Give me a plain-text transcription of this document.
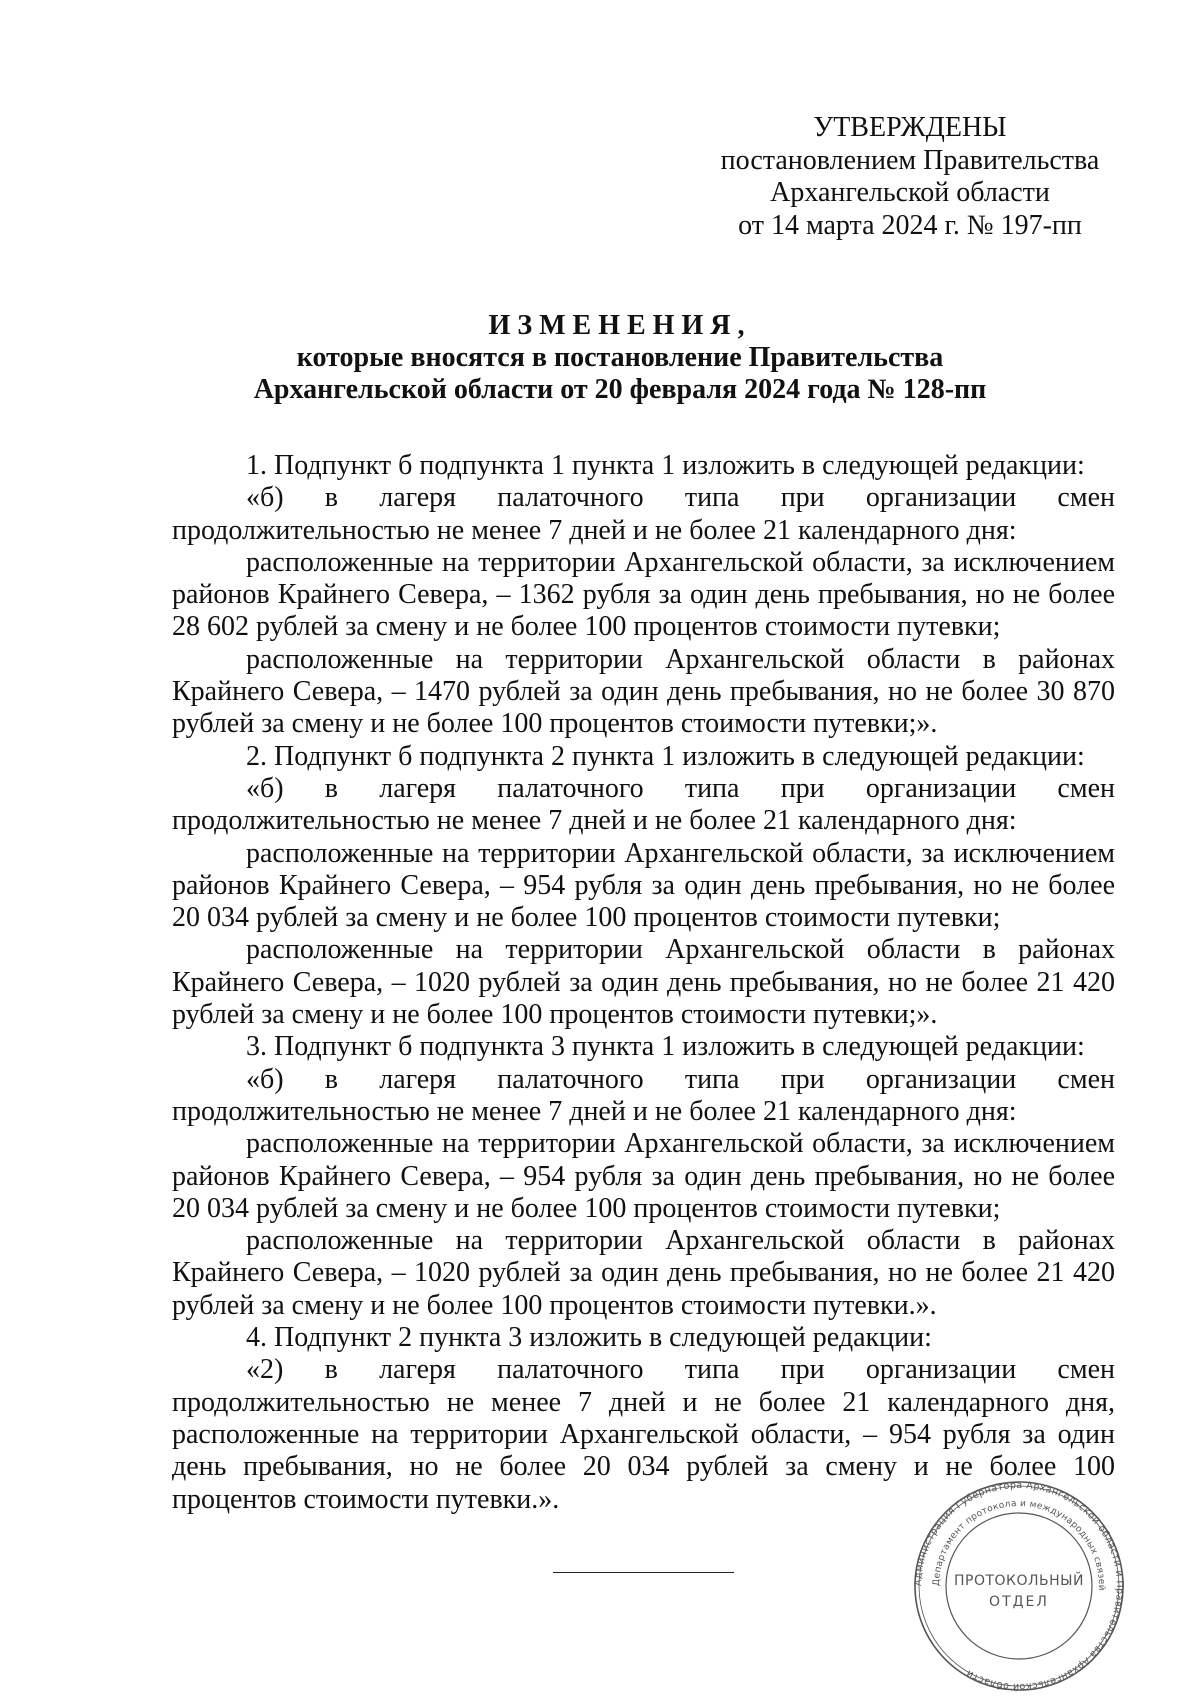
УТВЕРЖДЕНЫ
постановлением Правительства
Архангельской области
от 14 марта 2024 г. № 197-пп
ИЗМЕНЕНИЯ,
которые вносятся в постановление Правительства
Архангельской области от 20 февраля 2024 года № 128-пп

1. Подпункт б подпункта 1 пункта 1 изложить в следующей редакции:

«б) в лагеря палаточного типа при организации смен продолжительностью не менее 7 дней и не более 21 календарного дня:

расположенные на территории Архангельской области, за исключением районов Крайнего Севера, – 1362 рубля за один день пребывания, но не более 28 602 рублей за смену и не более 100 процентов стоимости путевки;

расположенные на территории Архангельской области в районах Крайнего Севера, – 1470 рублей за один день пребывания, но не более 30 870 рублей за смену и не более 100 процентов стоимости путевки;».

2. Подпункт б подпункта 2 пункта 1 изложить в следующей редакции:

«б) в лагеря палаточного типа при организации смен продолжительностью не менее 7 дней и не более 21 календарного дня:

расположенные на территории Архангельской области, за исключением районов Крайнего Севера, – 954 рубля за один день пребывания, но не более 20 034 рублей за смену и не более 100 процентов стоимости путевки;

расположенные на территории Архангельской области в районах Крайнего Севера, – 1020 рублей за один день пребывания, но не более 21 420 рублей за смену и не более 100 процентов стоимости путевки;».

3. Подпункт б подпункта 3 пункта 1 изложить в следующей редакции:

«б) в лагеря палаточного типа при организации смен продолжительностью не менее 7 дней и не более 21 календарного дня:

расположенные на территории Архангельской области, за исключением районов Крайнего Севера, – 954 рубля за один день пребывания, но не более 20 034 рублей за смену и не более 100 процентов стоимости путевки;

расположенные на территории Архангельской области в районах Крайнего Севера, – 1020 рублей за один день пребывания, но не более 21 420 рублей за смену и не более 100 процентов стоимости путевки.».

4. Подпункт 2 пункта 3 изложить в следующей редакции:

«2) в лагеря палаточного типа при организации смен продолжительностью не менее 7 дней и не более 21 календарного дня, расположенные на территории Архангельской области, – 954 рубля за один день пребывания, но не более 20 034 рублей за смену и не более 100 процентов стоимости путевки.».

Администрация Губернатора Архангельской области и Правительства Архангельской области
Департамент протокола и международных связей
ПРОТОКОЛЬНЫЙ
ОТДЕЛ
